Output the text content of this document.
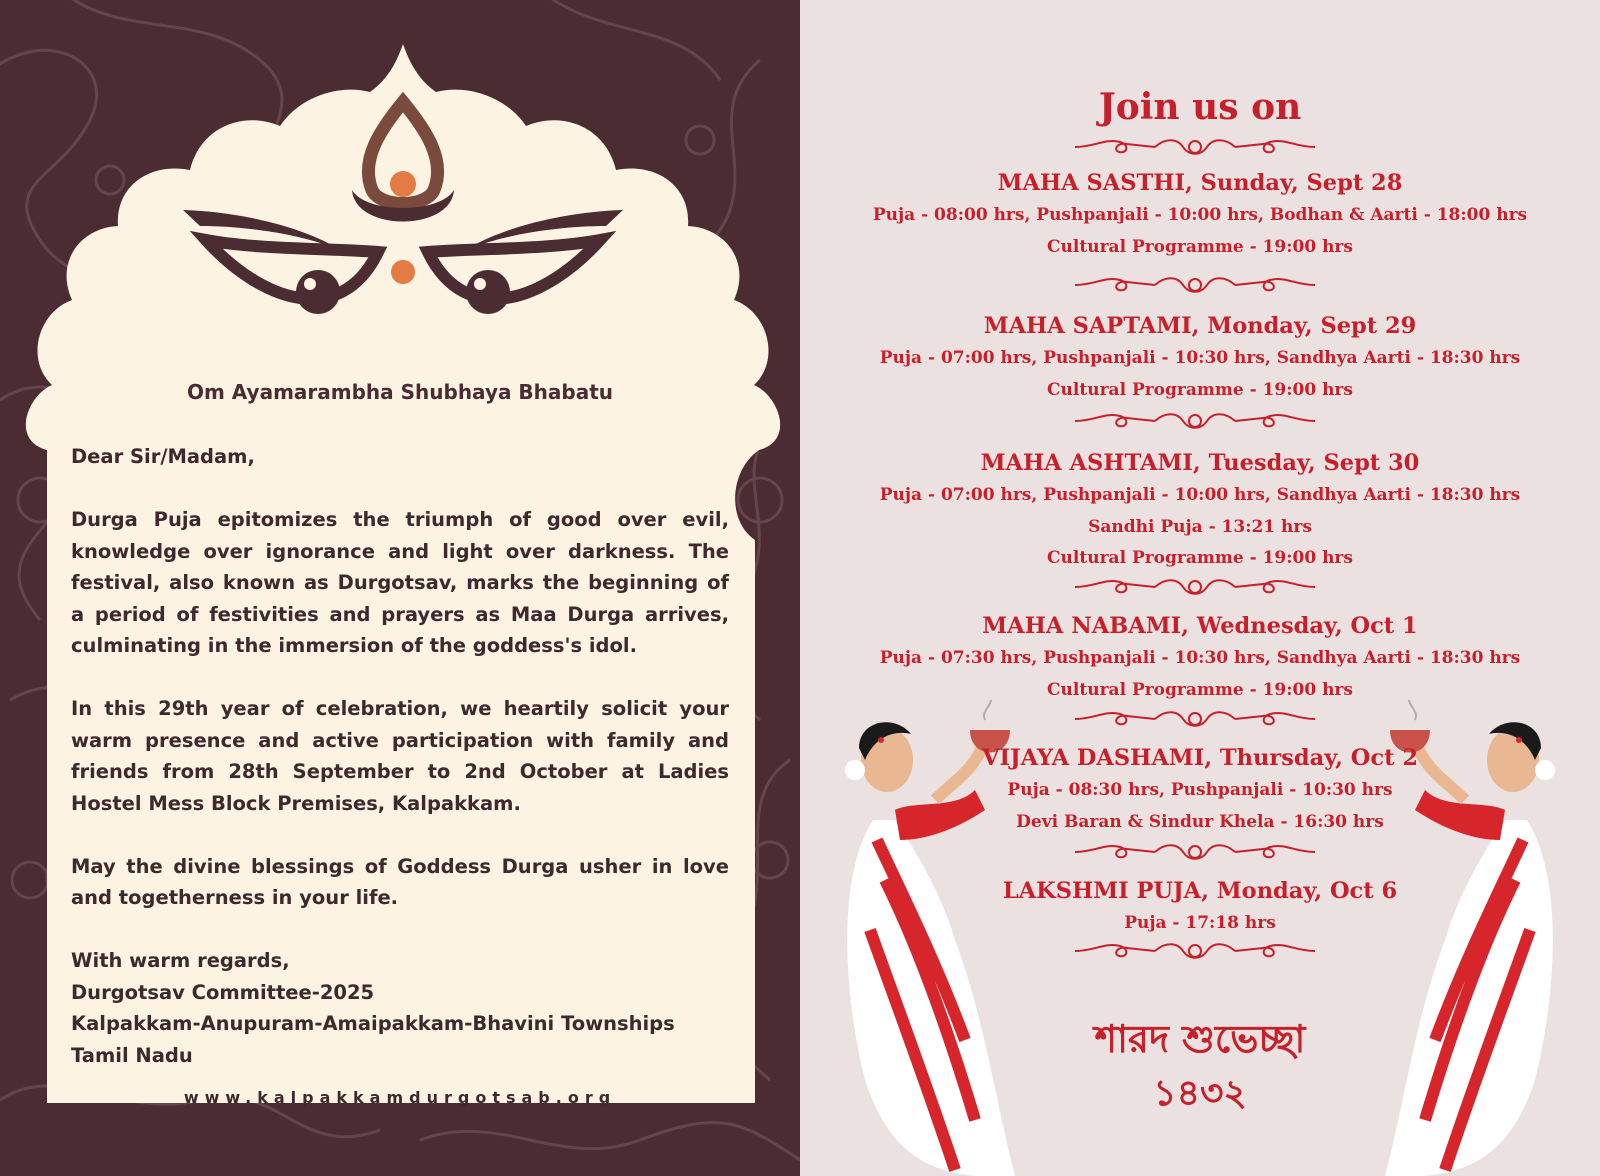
Om Ayamarambha Shubhaya Bhabatu

Dear Sir/Madam,

Durga Puja epitomizes the triumph of good over evil, knowledge over ignorance and light over darkness. The festival, also known as Durgotsav, marks the beginning of a period of festivities and prayers as Maa Durga arrives, culminating in the immersion of the goddess's idol.

In this 29th year of celebration, we heartily solicit your warm presence and active participation with family and friends from 28th September to 2nd October at Ladies Hostel Mess Block Premises, Kalpakkam.

May the divine blessings of Goddess Durga usher in love and togetherness in your life.

With warm regards,

Durgotsav Committee-2025

Kalpakkam-Anupuram-Amaipakkam-Bhavini Townships

Tamil Nadu

www.kalpakkamdurgotsab.org
Join us on
MAHA SASTHI, Sunday, Sept 28
Puja - 08:00 hrs, Pushpanjali - 10:00 hrs, Bodhan & Aarti - 18:00 hrs
Cultural Programme - 19:00 hrs
MAHA SAPTAMI, Monday, Sept 29
Puja - 07:00 hrs, Pushpanjali - 10:30 hrs, Sandhya Aarti - 18:30 hrs
Cultural Programme - 19:00 hrs
MAHA ASHTAMI, Tuesday, Sept 30
Puja - 07:00 hrs, Pushpanjali - 10:00 hrs, Sandhya Aarti - 18:30 hrs
Sandhi Puja - 13:21 hrs
Cultural Programme - 19:00 hrs
MAHA NABAMI, Wednesday, Oct 1
Puja - 07:30 hrs, Pushpanjali - 10:30 hrs, Sandhya Aarti - 18:30 hrs
Cultural Programme - 19:00 hrs
VIJAYA DASHAMI, Thursday, Oct 2
Puja - 08:30 hrs, Pushpanjali - 10:30 hrs
Devi Baran & Sindur Khela - 16:30 hrs
LAKSHMI PUJA, Monday, Oct 6
Puja - 17:18 hrs
শারদ শুভেচ্ছা
১৪৩২
